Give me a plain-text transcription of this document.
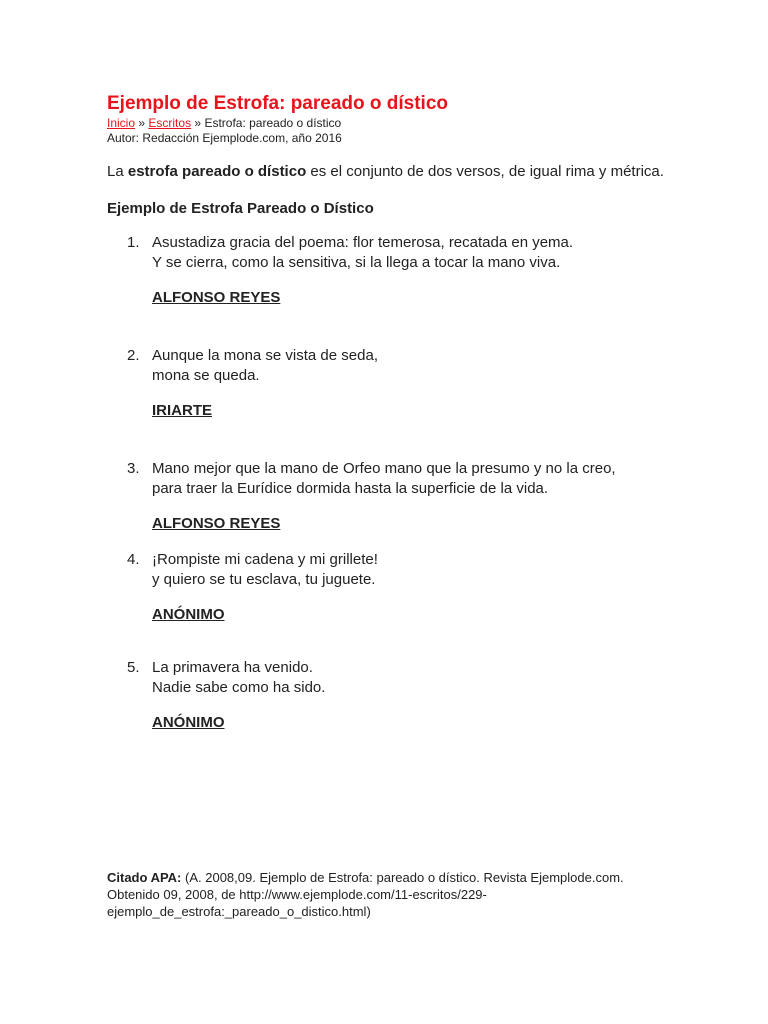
Ejemplo de Estrofa: pareado o dístico
Inicio » Escritos » Estrofa: pareado o dístico
Autor: Redacción Ejemplode.com, año 2016

La estrofa pareado o dístico es el conjunto de dos versos, de igual rima y métrica.

Ejemplo de Estrofa Pareado o Dístico
1. Asustadiza gracia del poema: flor temerosa, recatada en yema.
Y se cierra, como la sensitiva, si la llega a tocar la mano viva.
ALFONSO REYES
2. Aunque la mona se vista de seda,
mona se queda.
IRIARTE
3. Mano mejor que la mano de Orfeo mano que la presumo y no la creo,
para traer la Eurídice dormida hasta la superficie de la vida.
ALFONSO REYES
4. ¡Rompiste mi cadena y mi grillete!
y quiero se tu esclava, tu juguete.
ANÓNIMO
5. La primavera ha venido.
Nadie sabe como ha sido.
ANÓNIMO
Citado APA: (A. 2008,09. Ejemplo de Estrofa: pareado o dístico. Revista Ejemplode.com. Obtenido 09, 2008, de http://www.ejemplode.com/11-escritos/229-ejemplo_de_estrofa:_pareado_o_distico.html)
